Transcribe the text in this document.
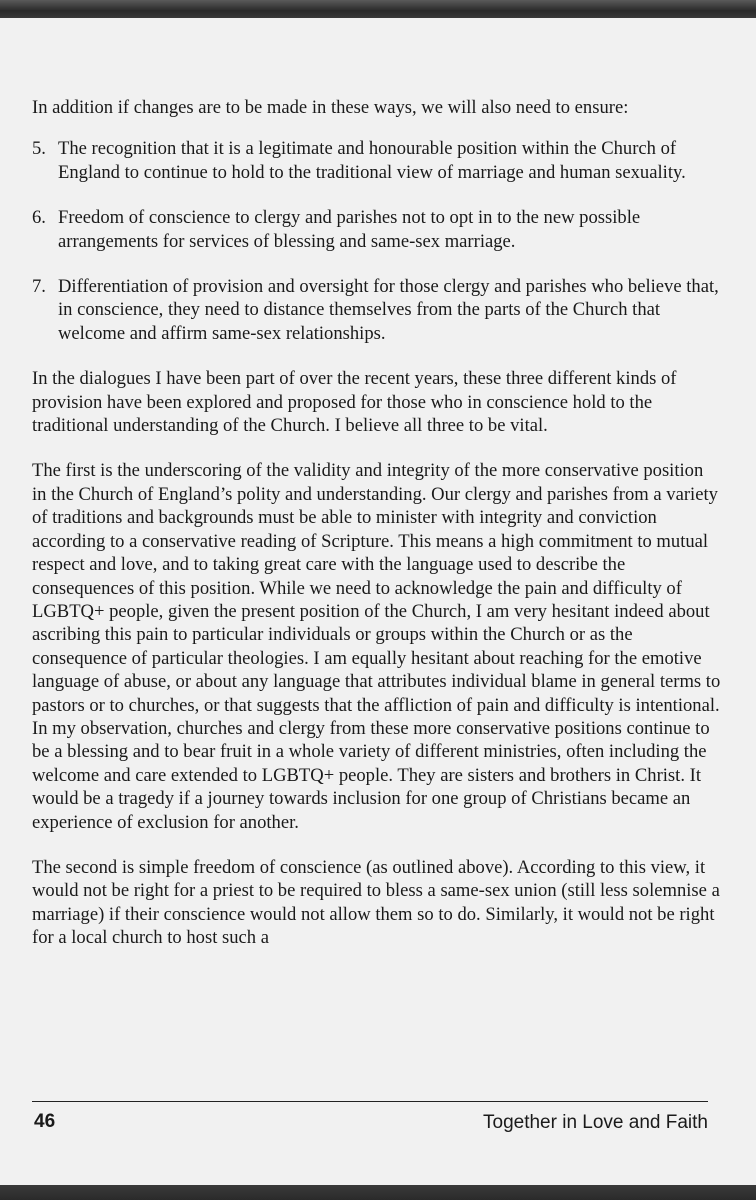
In addition if changes are to be made in these ways, we will also need to ensure:

5. The recognition that it is a legitimate and honourable position within the Church of England to continue to hold to the traditional view of marriage and human sexuality.
6. Freedom of conscience to clergy and parishes not to opt in to the new possible arrangements for services of blessing and same-sex marriage.
7. Differentiation of provision and oversight for those clergy and parishes who believe that, in conscience, they need to distance themselves from the parts of the Church that welcome and affirm same-sex relationships.

In the dialogues I have been part of over the recent years, these three different kinds of provision have been explored and proposed for those who in conscience hold to the traditional understanding of the Church. I believe all three to be vital.

The first is the underscoring of the validity and integrity of the more conservative position in the Church of England’s polity and understanding. Our clergy and parishes from a variety of traditions and backgrounds must be able to minister with integrity and conviction according to a conservative reading of Scripture. This means a high commitment to mutual respect and love, and to taking great care with the language used to describe the consequences of this position. While we need to acknowledge the pain and difficulty of LGBTQ+ people, given the present position of the Church, I am very hesitant indeed about ascribing this pain to particular individuals or groups within the Church or as the consequence of particular theologies. I am equally hesitant about reaching for the emotive language of abuse, or about any language that attributes individual blame in general terms to pastors or to churches, or that suggests that the affliction of pain and difficulty is intentional. In my observation, churches and clergy from these more conservative positions continue to be a blessing and to bear fruit in a whole variety of different ministries, often including the welcome and care extended to LGBTQ+ people. They are sisters and brothers in Christ. It would be a tragedy if a journey towards inclusion for one group of Christians became an experience of exclusion for another.

The second is simple freedom of conscience (as outlined above). According to this view, it would not be right for a priest to be required to bless a same-sex union (still less solemnise a marriage) if their conscience would not allow them so to do. Similarly, it would not be right for a local church to host such a

46	Together in Love and Faith
